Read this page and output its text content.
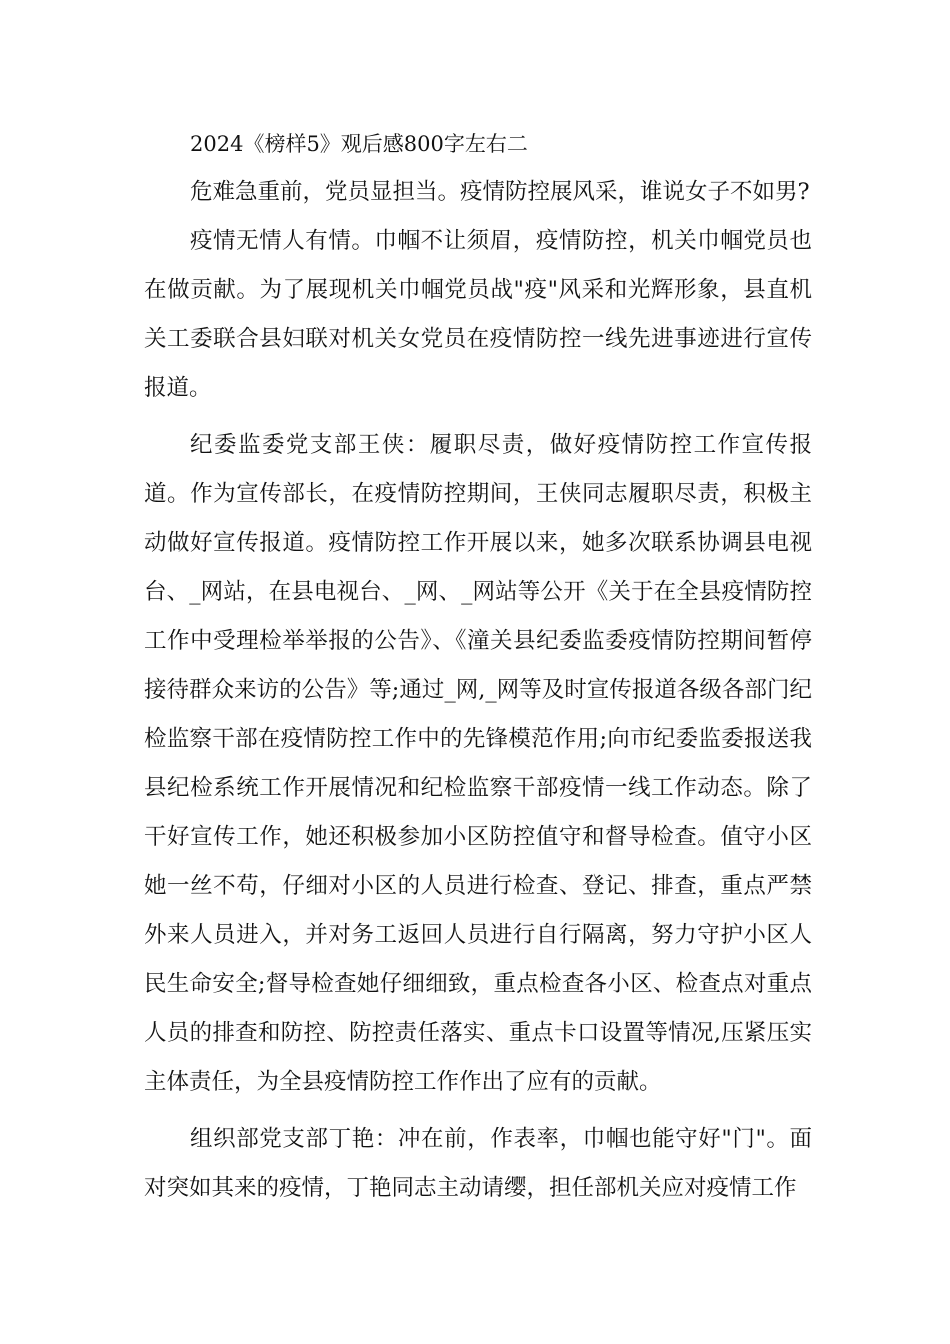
2024《榜样5》观后感800字左右二

危难急重前，党员显担当。疫情防控展风采，谁说女子不如男?

疫情无情人有情。巾帼不让须眉，疫情防控，机关巾帼党员也在做贡献。为了展现机关巾帼党员战"疫"风采和光辉形象，县直机关工委联合县妇联对机关女党员在疫情防控一线先进事迹进行宣传报道。

纪委监委党支部王侠：履职尽责，做好疫情防控工作宣传报道。作为宣传部长，在疫情防控期间，王侠同志履职尽责，积极主动做好宣传报道。疫情防控工作开展以来，她多次联系协调县电视台、_网站，在县电视台、_网、_网站等公开《关于在全县疫情防控工作中受理检举举报的公告》、《潼关县纪委监委疫情防控期间暂停接待群众来访的公告》等;通过_网,_网等及时宣传报道各级各部门纪检监察干部在疫情防控工作中的先锋模范作用;向市纪委监委报送我县纪检系统工作开展情况和纪检监察干部疫情一线工作动态。除了干好宣传工作，她还积极参加小区防控值守和督导检查。值守小区她一丝不苟，仔细对小区的人员进行检查、登记、排查，重点严禁外来人员进入，并对务工返回人员进行自行隔离，努力守护小区人民生命安全;督导检查她仔细细致，重点检查各小区、检查点对重点人员的排查和防控、防控责任落实、重点卡口设置等情况,压紧压实主体责任，为全县疫情防控工作作出了应有的贡献。

组织部党支部丁艳：冲在前，作表率，巾帼也能守好"门"。面对突如其来的疫情，丁艳同志主动请缨，担任部机关应对疫情工作
